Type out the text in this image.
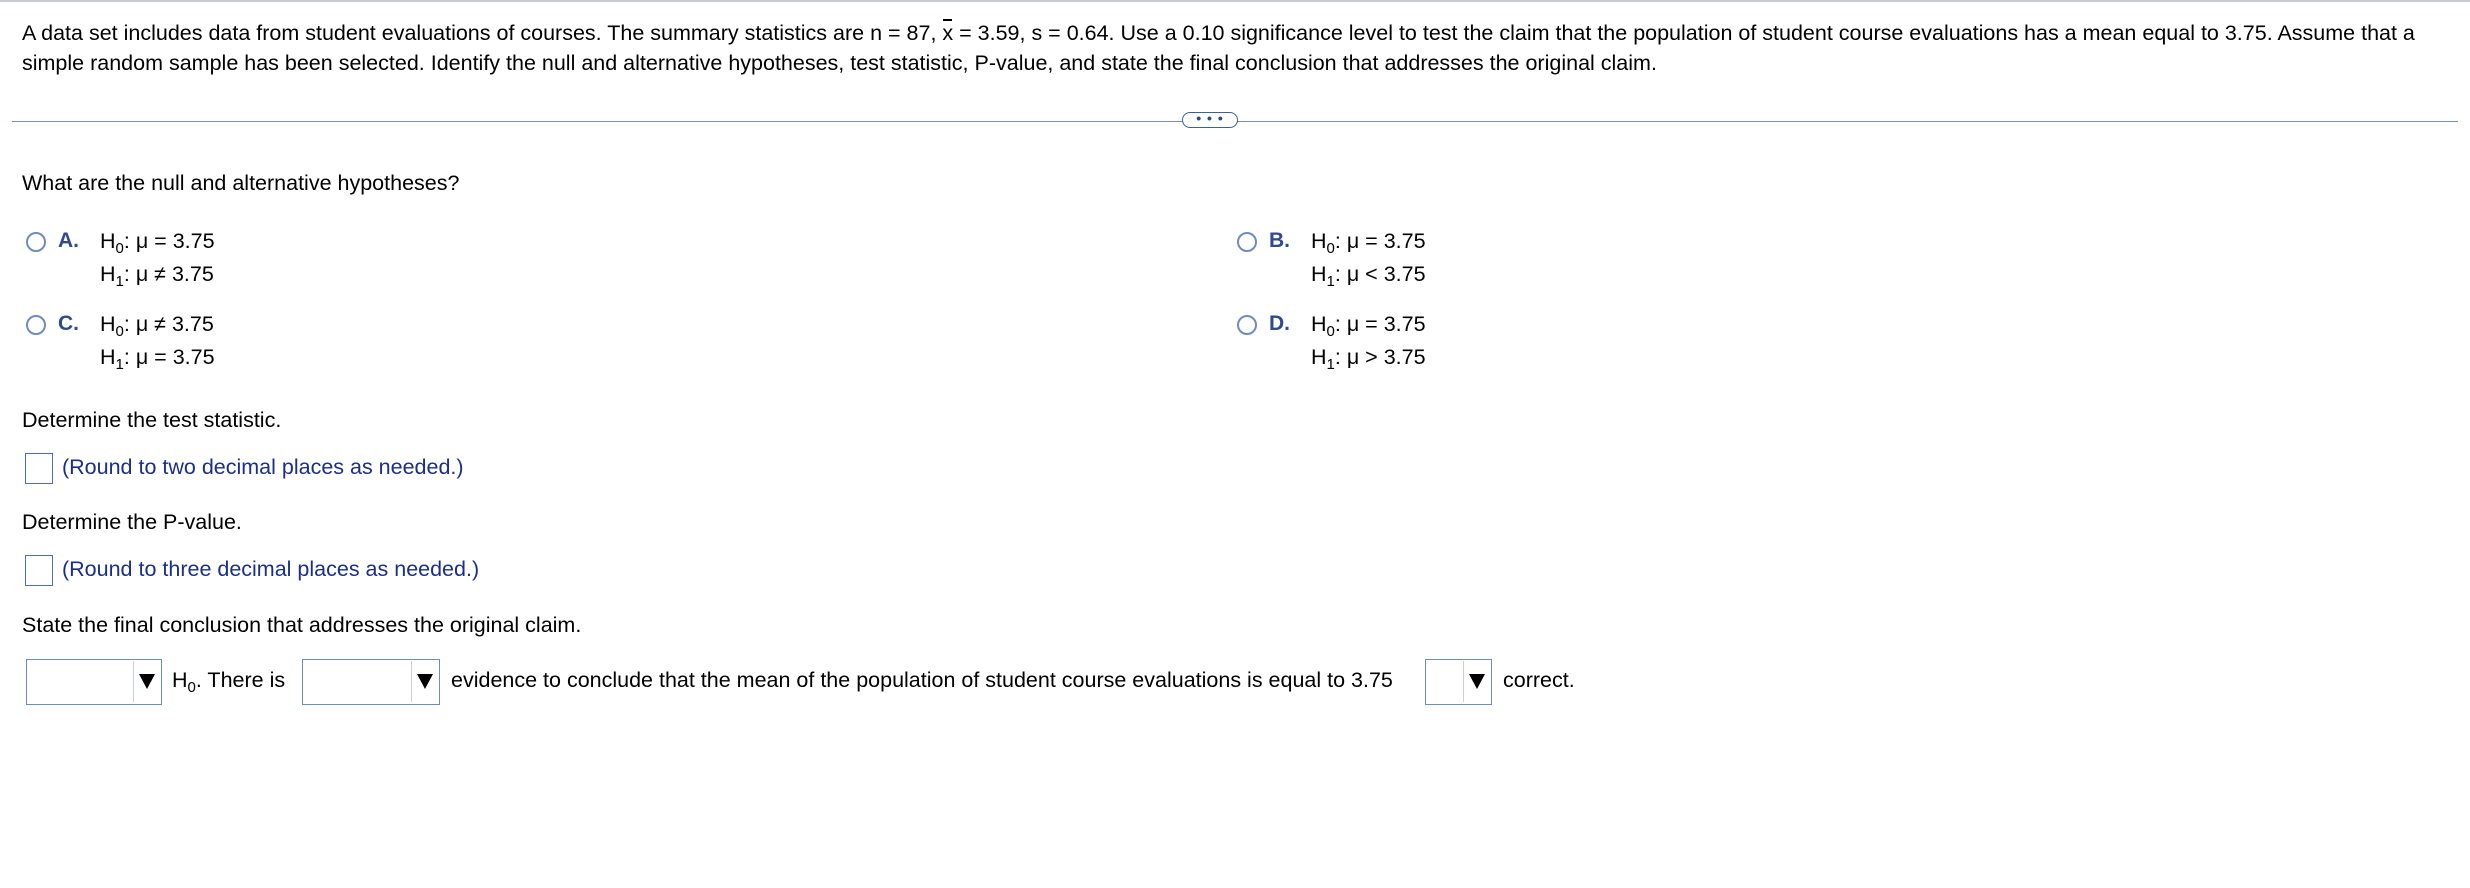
A data set includes data from student evaluations of courses. The summary statistics are n = 87, x = 3.59, s = 0.64. Use a 0.10 significance level to test the claim that the population of student course evaluations has a mean equal to 3.75. Assume that a simple random sample has been selected. Identify the null and alternative hypotheses, test statistic, P-value, and state the final conclusion that addresses the original claim.
• • •
What are the null and alternative hypotheses?
A. $H_0$: μ = 3.75
$H_1$: μ ≠ 3.75
B. $H_0$: μ = 3.75
$H_1$: μ < 3.75
C. $H_0$: μ ≠ 3.75
$H_1$: μ = 3.75
D. $H_0$: μ = 3.75
$H_1$: μ > 3.75
Determine the test statistic.
(Round to two decimal places as needed.)
Determine the P-value.
(Round to three decimal places as needed.)
State the final conclusion that addresses the original claim.
$H_0$. There is	evidence to conclude that the mean of the population of student course evaluations is equal to 3.75	correct.
